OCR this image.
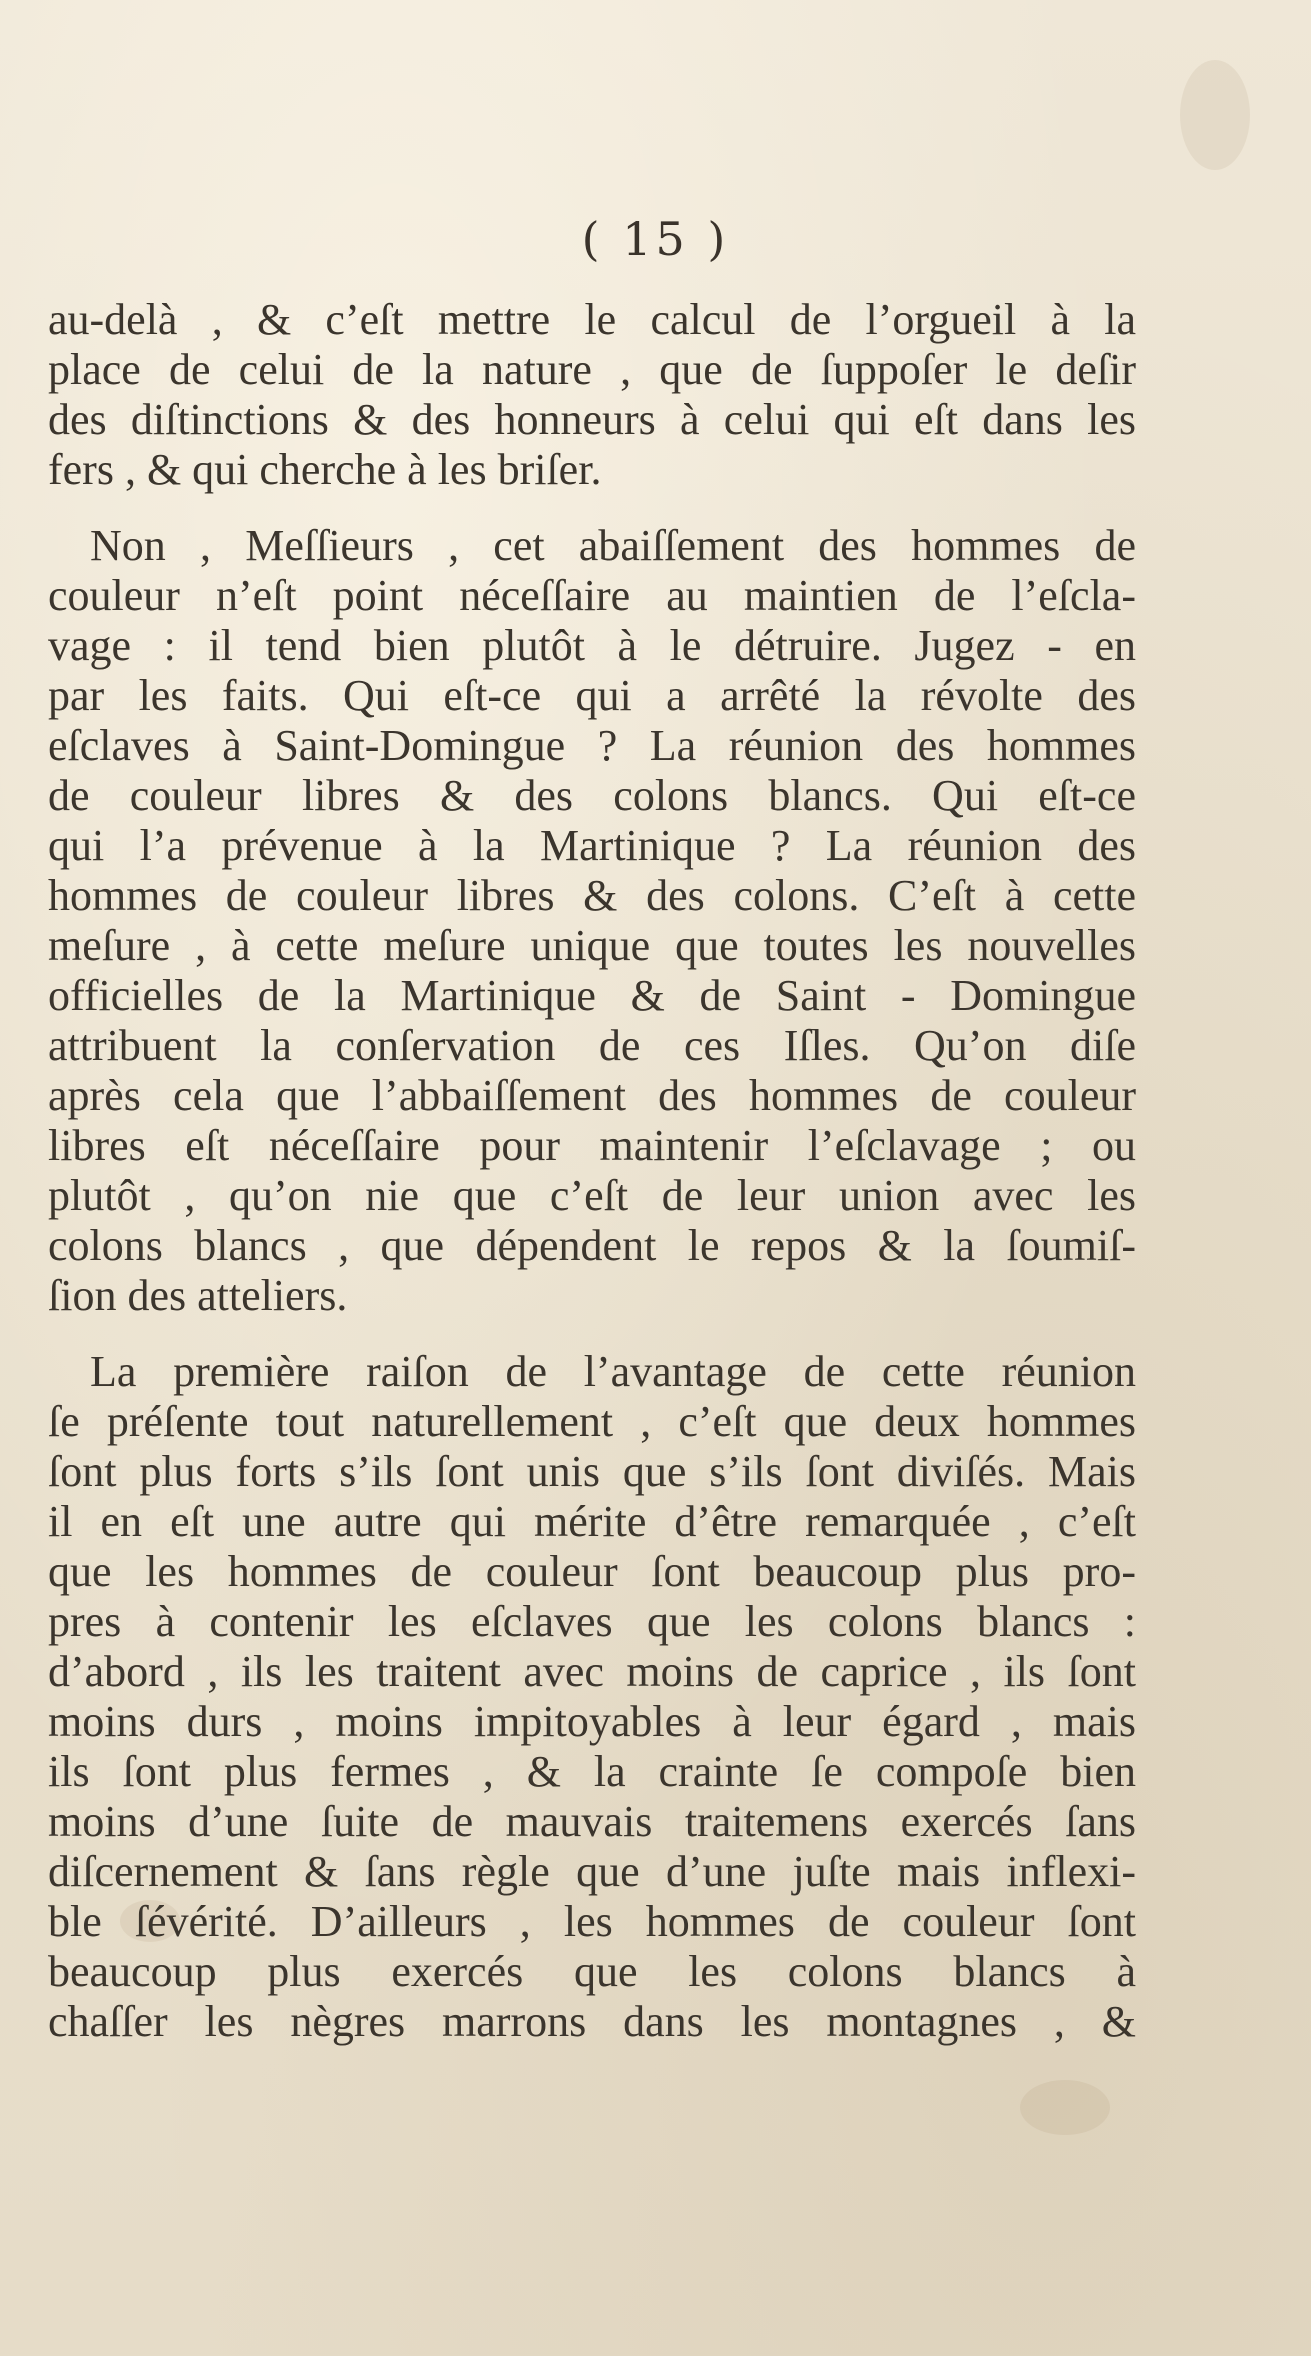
( 15 )

au-delà , & c’eſt mettre le calcul de l’orgueil à la
place de celui de la nature , que de ſuppoſer le deſir
des diſtinctions & des honneurs à celui qui eſt dans les
fers , & qui cherche à les briſer.
Non , Meſſieurs , cet abaiſſement des hommes de
couleur n’eſt point néceſſaire au maintien de l’eſcla-
vage : il tend bien plutôt à le détruire. Jugez - en
par les faits. Qui eſt-ce qui a arrêté la révolte des
eſclaves à Saint-Domingue ? La réunion des hommes
de couleur libres & des colons blancs. Qui eſt-ce
qui l’a prévenue à la Martinique ? La réunion des
hommes de couleur libres & des colons. C’eſt à cette
meſure , à cette meſure unique que toutes les nouvelles
officielles de la Martinique & de Saint - Domingue
attribuent la conſervation de ces Iſles. Qu’on diſe
après cela que l’abbaiſſement des hommes de couleur
libres eſt néceſſaire pour maintenir l’eſclavage ; ou
plutôt , qu’on nie que c’eſt de leur union avec les
colons blancs , que dépendent le repos & la ſoumiſ-
ſion des atteliers.
La première raiſon de l’avantage de cette réunion
ſe préſente tout naturellement , c’eſt que deux hommes
ſont plus forts s’ils ſont unis que s’ils ſont diviſés. Mais
il en eſt une autre qui mérite d’être remarquée , c’eſt
que les hommes de couleur ſont beaucoup plus pro-
pres à contenir les eſclaves que les colons blancs :
d’abord , ils les traitent avec moins de caprice , ils ſont
moins durs , moins impitoyables à leur égard , mais
ils ſont plus fermes , & la crainte ſe compoſe bien
moins d’une ſuite de mauvais traitemens exercés ſans
diſcernement & ſans règle que d’une juſte mais inflexi-
ble ſévérité. D’ailleurs , les hommes de couleur ſont
beaucoup plus exercés que les colons blancs à
chaſſer les nègres marrons dans les montagnes , &
